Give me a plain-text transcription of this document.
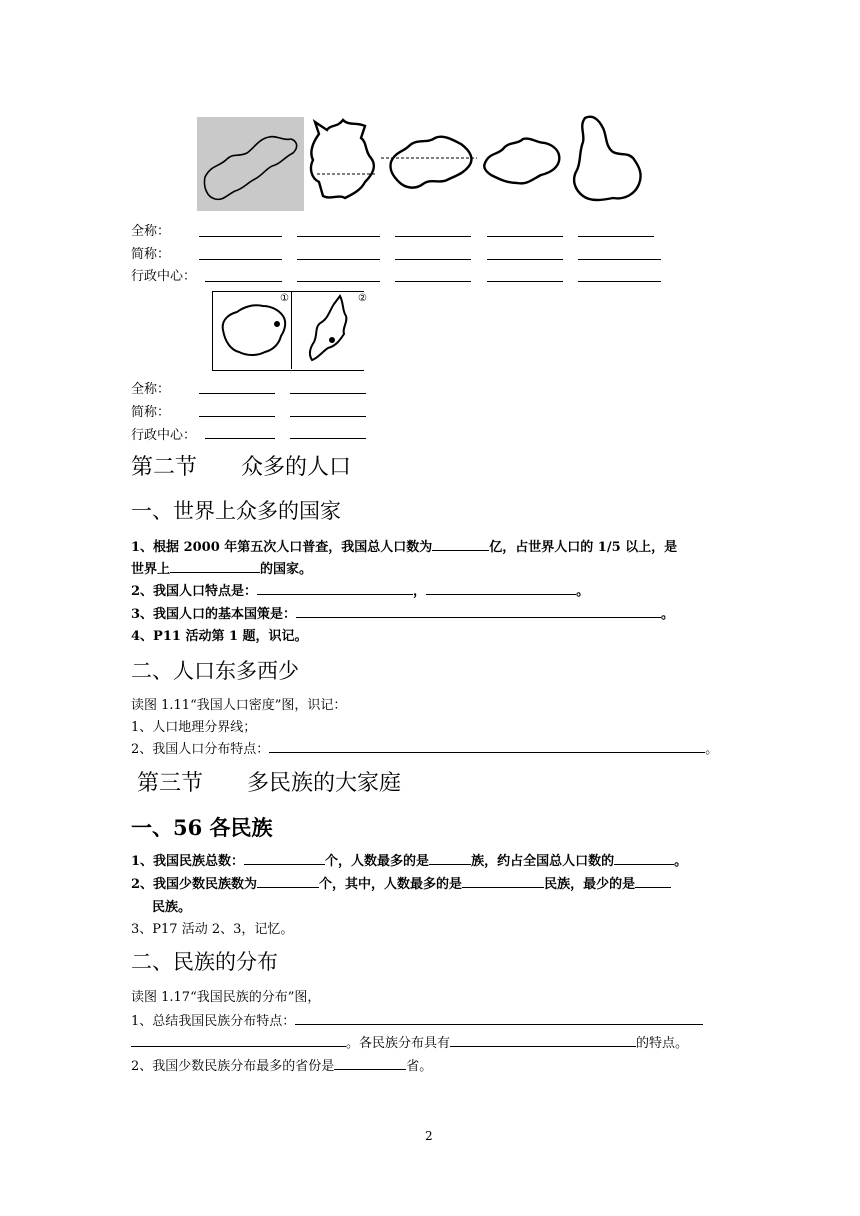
全称：
简称：
行政中心：
①	②
全称：
简称：
行政中心：
第二节　　众多的人口
一、世界上众多的国家
1、根据 2000 年第五次人口普查，我国总人口数为	亿，占世界人口的 1/5 以上，是
世界上	的国家。
2、我国人口特点是：	，	。
3、我国人口的基本国策是：	。
4、P11 活动第 1 题，识记。
二、人口东多西少
读图 1.11“我国人口密度”图，识记：
1、人口地理分界线；
2、我国人口分布特点：	。
第三节　　多民族的大家庭
一、56 各民族
1、我国民族总数：	个，人数最多的是	族，约占全国总人口数的	。
2、我国少数民族数为	个，其中，人数最多的是	民族，最少的是
民族。
3、P17 活动 2、3，记忆。
二、民族的分布
读图 1.17“我国民族的分布”图，
1、总结我国民族分布特点：
。各民族分布具有	的特点。
2、我国少数民族分布最多的省份是	省。
2
